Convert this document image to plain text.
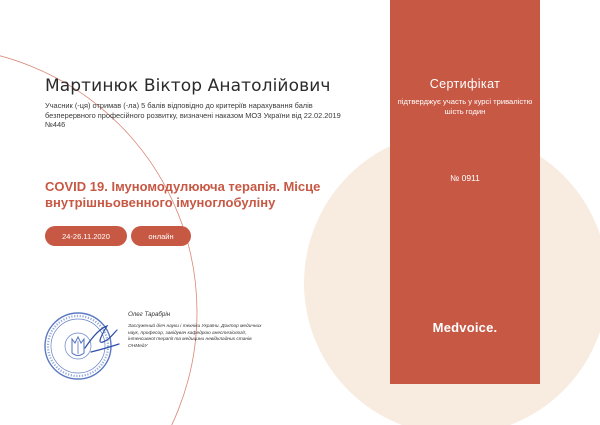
Мартинюк Віктор Анатолійович

Учасник (-ця) отримав (-ла) 5 балів відповідно до критеріїв нарахування балів безперервного професійного розвитку, визначені наказом МОЗ України від 22.02.2019 №446

COVID 19. Імуномодулююча терапія. Місце внутрішньовенного імуноглобуліну
24-26.11.2020	онлайн

Олег Тарабрін

Заслужений діяч науки і техніки України. Доктор медичних наук, професор, завідувач кафедрою анестезіології, інтенсивної терапії та медицини невідкладних станів ОНМедУ

Сертифікат

підтверджує участь у курсі тривалістю шість годин

№ 0911
Medvoice.
